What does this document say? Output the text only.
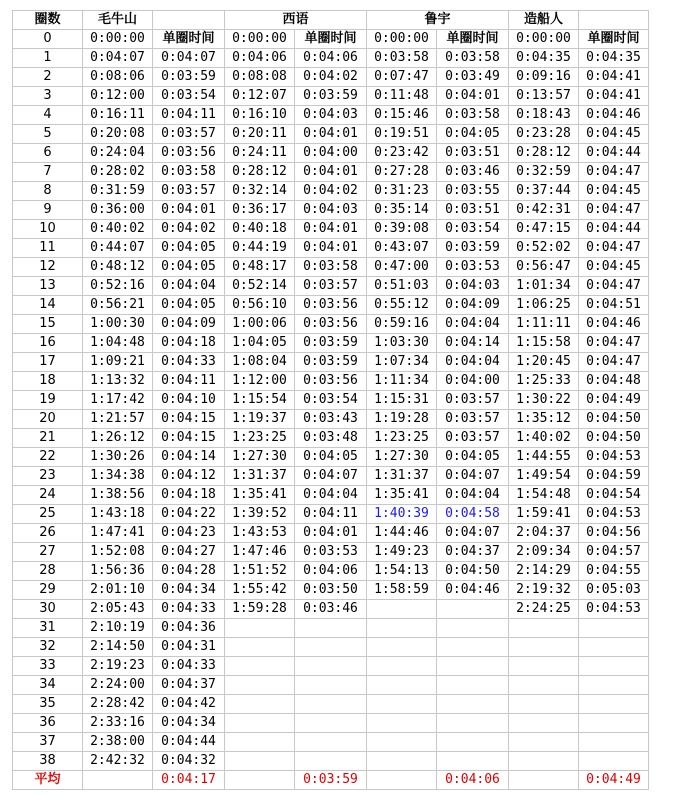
圈数	毛牛山		西语		鲁宇		造船人	
0	0:00:00	单圈时间	0:00:00	单圈时间	0:00:00	单圈时间	0:00:00	单圈时间
1	0:04:07	0:04:07	0:04:06	0:04:06	0:03:58	0:03:58	0:04:35	0:04:35
2	0:08:06	0:03:59	0:08:08	0:04:02	0:07:47	0:03:49	0:09:16	0:04:41
3	0:12:00	0:03:54	0:12:07	0:03:59	0:11:48	0:04:01	0:13:57	0:04:41
4	0:16:11	0:04:11	0:16:10	0:04:03	0:15:46	0:03:58	0:18:43	0:04:46
5	0:20:08	0:03:57	0:20:11	0:04:01	0:19:51	0:04:05	0:23:28	0:04:45
6	0:24:04	0:03:56	0:24:11	0:04:00	0:23:42	0:03:51	0:28:12	0:04:44
7	0:28:02	0:03:58	0:28:12	0:04:01	0:27:28	0:03:46	0:32:59	0:04:47
8	0:31:59	0:03:57	0:32:14	0:04:02	0:31:23	0:03:55	0:37:44	0:04:45
9	0:36:00	0:04:01	0:36:17	0:04:03	0:35:14	0:03:51	0:42:31	0:04:47
10	0:40:02	0:04:02	0:40:18	0:04:01	0:39:08	0:03:54	0:47:15	0:04:44
11	0:44:07	0:04:05	0:44:19	0:04:01	0:43:07	0:03:59	0:52:02	0:04:47
12	0:48:12	0:04:05	0:48:17	0:03:58	0:47:00	0:03:53	0:56:47	0:04:45
13	0:52:16	0:04:04	0:52:14	0:03:57	0:51:03	0:04:03	1:01:34	0:04:47
14	0:56:21	0:04:05	0:56:10	0:03:56	0:55:12	0:04:09	1:06:25	0:04:51
15	1:00:30	0:04:09	1:00:06	0:03:56	0:59:16	0:04:04	1:11:11	0:04:46
16	1:04:48	0:04:18	1:04:05	0:03:59	1:03:30	0:04:14	1:15:58	0:04:47
17	1:09:21	0:04:33	1:08:04	0:03:59	1:07:34	0:04:04	1:20:45	0:04:47
18	1:13:32	0:04:11	1:12:00	0:03:56	1:11:34	0:04:00	1:25:33	0:04:48
19	1:17:42	0:04:10	1:15:54	0:03:54	1:15:31	0:03:57	1:30:22	0:04:49
20	1:21:57	0:04:15	1:19:37	0:03:43	1:19:28	0:03:57	1:35:12	0:04:50
21	1:26:12	0:04:15	1:23:25	0:03:48	1:23:25	0:03:57	1:40:02	0:04:50
22	1:30:26	0:04:14	1:27:30	0:04:05	1:27:30	0:04:05	1:44:55	0:04:53
23	1:34:38	0:04:12	1:31:37	0:04:07	1:31:37	0:04:07	1:49:54	0:04:59
24	1:38:56	0:04:18	1:35:41	0:04:04	1:35:41	0:04:04	1:54:48	0:04:54
25	1:43:18	0:04:22	1:39:52	0:04:11	1:40:39	0:04:58	1:59:41	0:04:53
26	1:47:41	0:04:23	1:43:53	0:04:01	1:44:46	0:04:07	2:04:37	0:04:56
27	1:52:08	0:04:27	1:47:46	0:03:53	1:49:23	0:04:37	2:09:34	0:04:57
28	1:56:36	0:04:28	1:51:52	0:04:06	1:54:13	0:04:50	2:14:29	0:04:55
29	2:01:10	0:04:34	1:55:42	0:03:50	1:58:59	0:04:46	2:19:32	0:05:03
30	2:05:43	0:04:33	1:59:28	0:03:46			2:24:25	0:04:53
31	2:10:19	0:04:36						
32	2:14:50	0:04:31						
33	2:19:23	0:04:33						
34	2:24:00	0:04:37						
35	2:28:42	0:04:42						
36	2:33:16	0:04:34						
37	2:38:00	0:04:44						
38	2:42:32	0:04:32						
平均		0:04:17		0:03:59		0:04:06		0:04:49
